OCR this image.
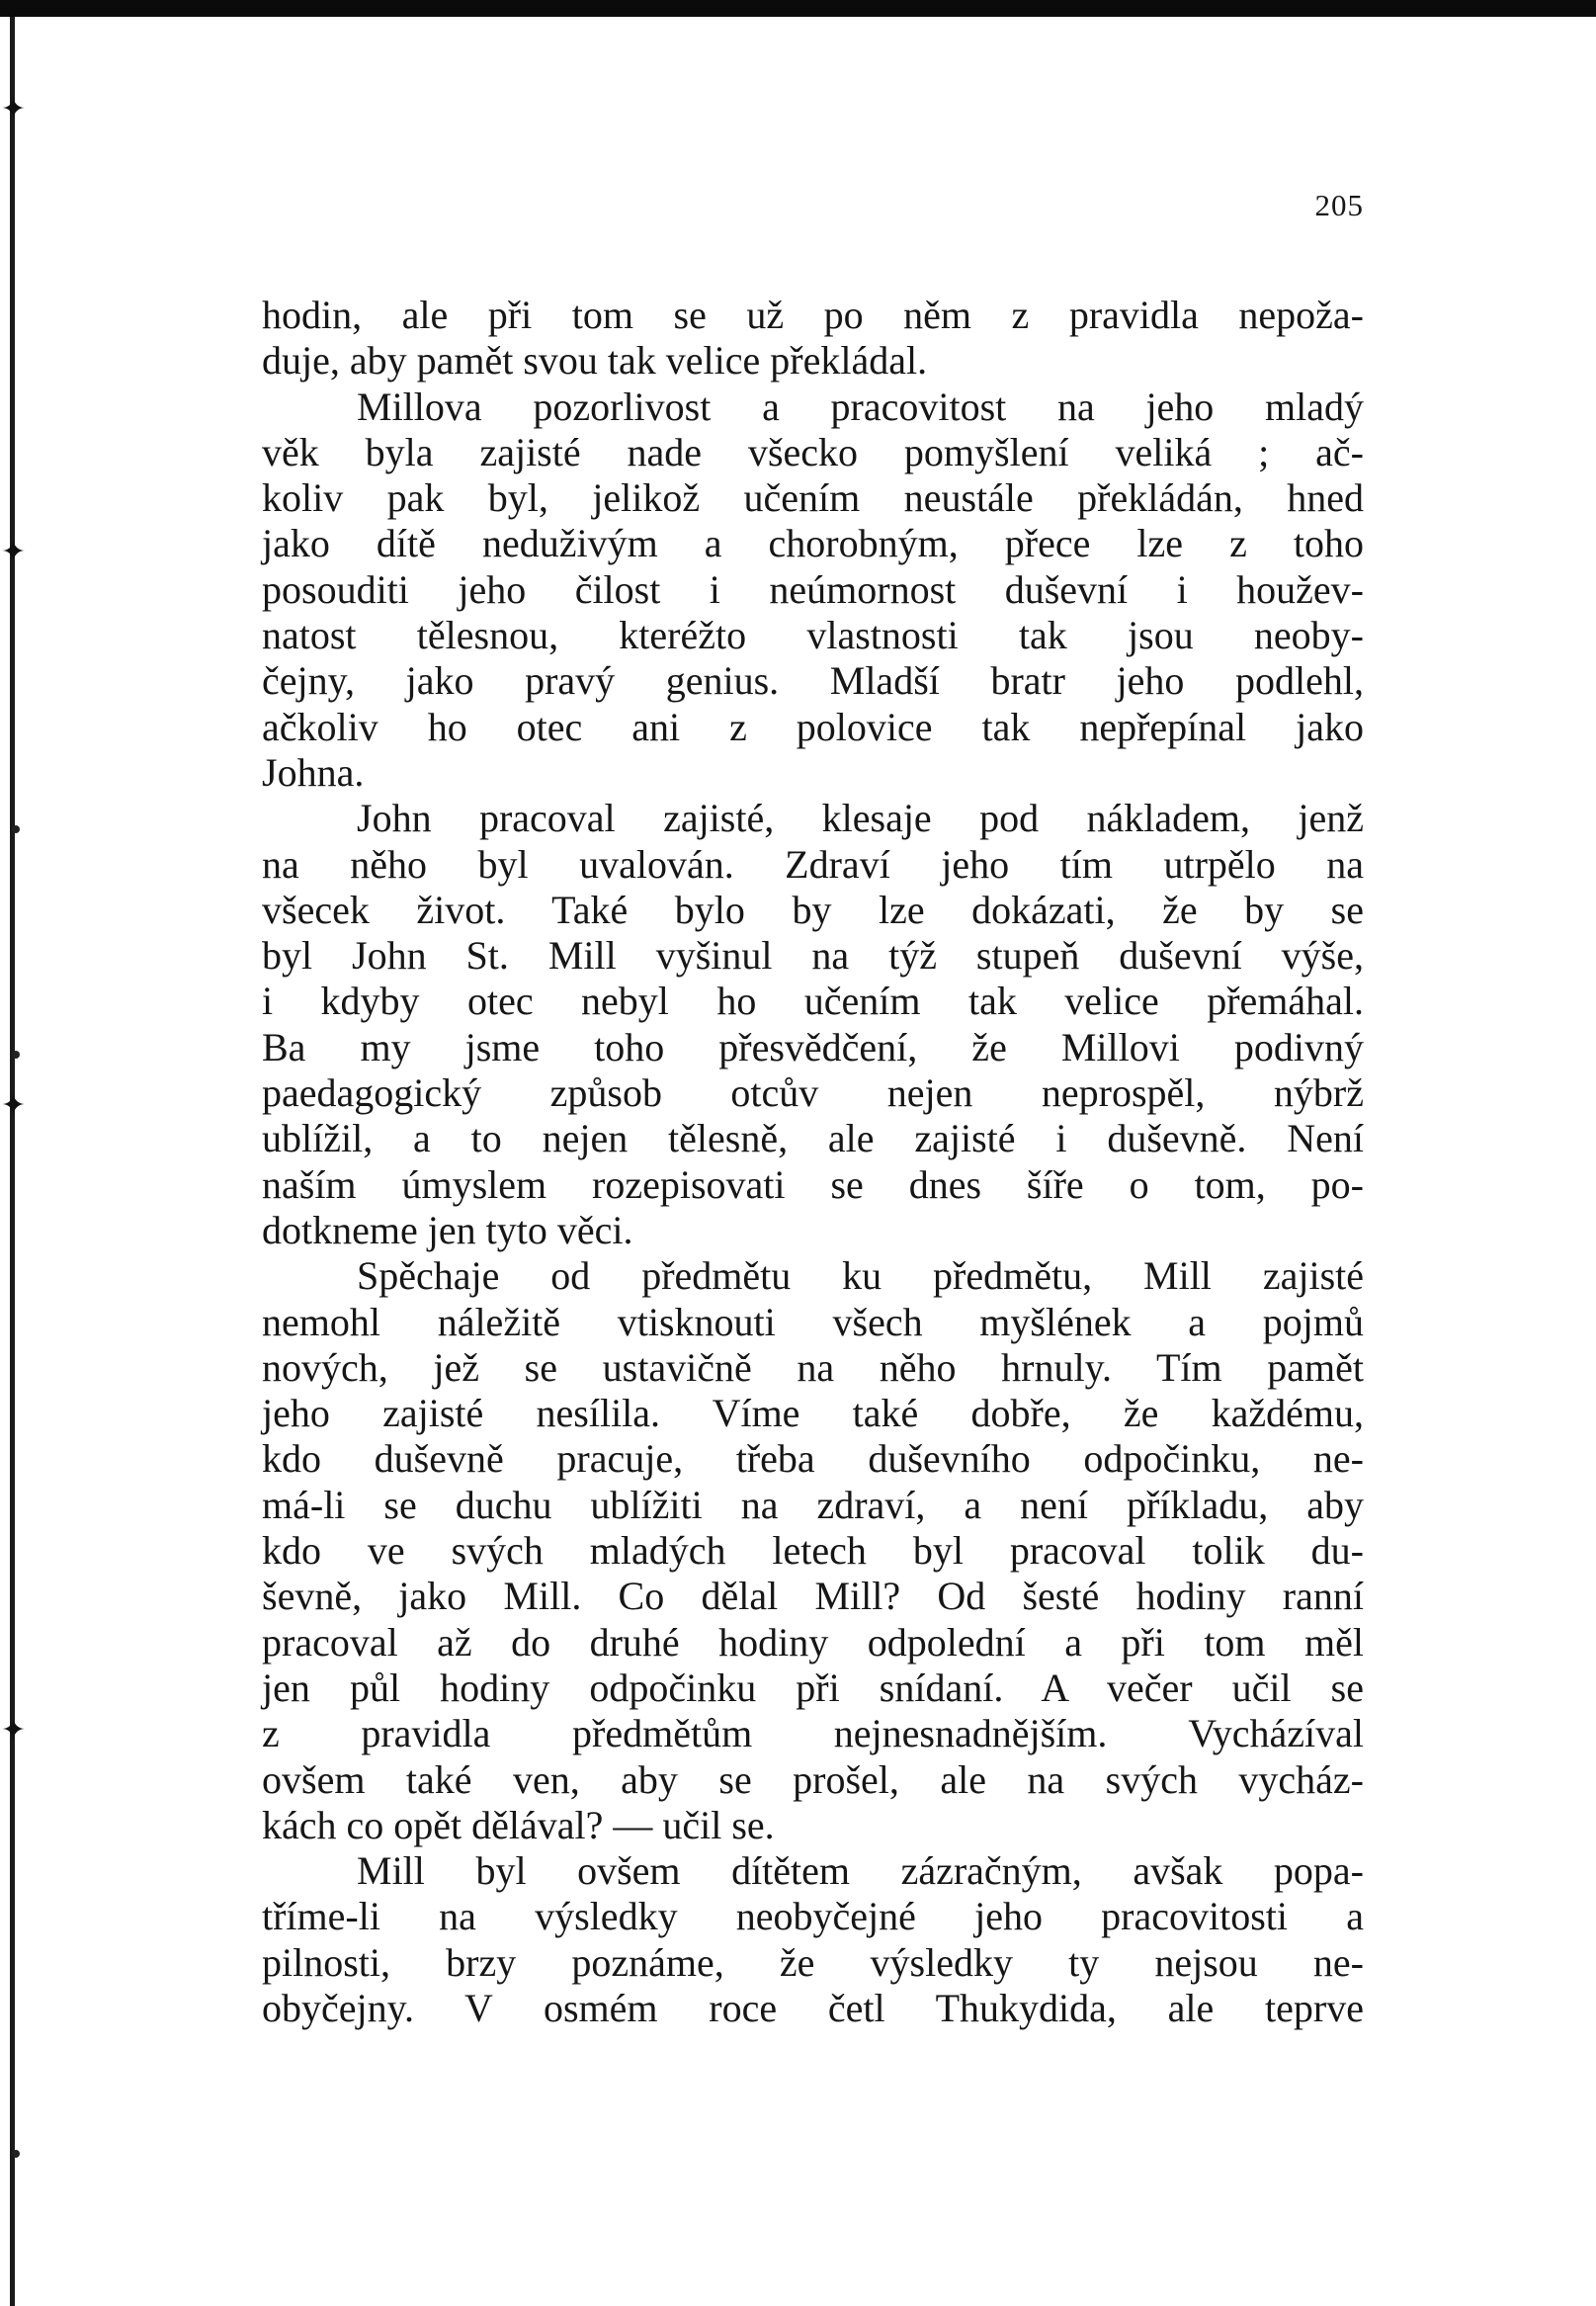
✦
✦
✦
✦
205
hodin, ale při tom se už po něm z pravidla nepoža-
duje, aby pamět svou tak velice překládal.
Millova pozorlivost a pracovitost na jeho mladý
věk byla zajisté nade všecko pomyšlení veliká ; ač-
koliv pak byl, jelikož učením neustále překládán, hned
jako dítě neduživým a chorobným, přece lze z toho
posouditi jeho čilost i neúmornost duševní i houžev-
natost tělesnou, kteréžto vlastnosti tak jsou neoby-
čejny, jako pravý genius. Mladší bratr jeho podlehl,
ačkoliv ho otec ani z polovice tak nepřepínal jako
Johna.
John pracoval zajisté, klesaje pod nákladem, jenž
na něho byl uvalován. Zdraví jeho tím utrpělo na
všecek život. Také bylo by lze dokázati, že by se
byl John St. Mill vyšinul na týž stupeň duševní výše,
i kdyby otec nebyl ho učením tak velice přemáhal.
Ba my jsme toho přesvědčení, že Millovi podivný
paedagogický způsob otcův nejen neprospěl, nýbrž
ublížil, a to nejen tělesně, ale zajisté i duševně. Není
naším úmyslem rozepisovati se dnes šíře o tom, po-
dotkneme jen tyto věci.
Spěchaje od předmětu ku předmětu, Mill zajisté
nemohl náležitě vtisknouti všech myšlének a pojmů
nových, jež se ustavičně na něho hrnuly. Tím pamět
jeho zajisté nesílila. Víme také dobře, že každému,
kdo duševně pracuje, třeba duševního odpočinku, ne-
má-li se duchu ublížiti na zdraví, a není příkladu, aby
kdo ve svých mladých letech byl pracoval tolik du-
ševně, jako Mill. Co dělal Mill? Od šesté hodiny ranní
pracoval až do druhé hodiny odpolední a při tom měl
jen půl hodiny odpočinku při snídaní. A večer učil se
z pravidla předmětům nejnesnadnějším. Vycházíval
ovšem také ven, aby se prošel, ale na svých vycház-
kách co opět dělával? — učil se.
Mill byl ovšem dítětem zázračným, avšak popa-
tříme-li na výsledky neobyčejné jeho pracovitosti a
pilnosti, brzy poznáme, že výsledky ty nejsou ne-
obyčejny. V osmém roce četl Thukydida, ale teprve
